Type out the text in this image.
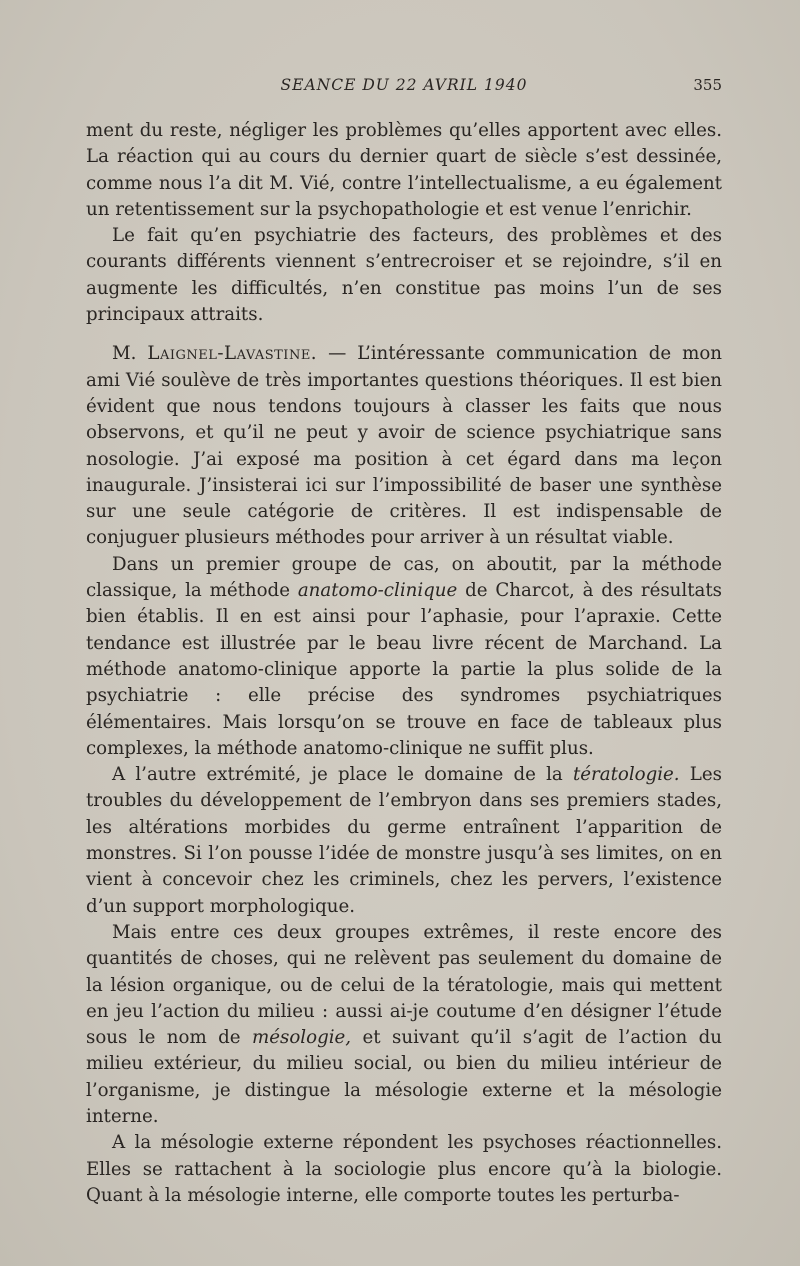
SEANCE DU 22 AVRIL 1940	355

ment du reste, négliger les problèmes qu’elles apportent avec elles. La réaction qui au cours du dernier quart de siècle s’est dessinée, comme nous l’a dit M. Vié, contre l’intellectualisme, a eu également un retentissement sur la psychopathologie et est venue l’enrichir.

Le fait qu’en psychiatrie des facteurs, des problèmes et des courants différents viennent s’entrecroiser et se rejoindre, s’il en augmente les difficultés, n’en constitue pas moins l’un de ses principaux attraits.

M. Laignel-Lavastine. — L’intéressante communication de mon ami Vié soulève de très importantes questions théoriques. Il est bien évident que nous tendons toujours à classer les faits que nous observons, et qu’il ne peut y avoir de science psychiatrique sans nosologie. J’ai exposé ma position à cet égard dans ma leçon inaugurale. J’insisterai ici sur l’impossibilité de baser une synthèse sur une seule catégorie de critères. Il est indispensable de conjuguer plusieurs méthodes pour arriver à un résultat viable.

Dans un premier groupe de cas, on aboutit, par la méthode classique, la méthode anatomo-clinique de Charcot, à des résultats bien établis. Il en est ainsi pour l’aphasie, pour l’apraxie. Cette tendance est illustrée par le beau livre récent de Marchand. La méthode anatomo-clinique apporte la partie la plus solide de la psychiatrie : elle précise des syndromes psychiatriques élémentaires. Mais lorsqu’on se trouve en face de tableaux plus complexes, la méthode anatomo-clinique ne suffit plus.

A l’autre extrémité, je place le domaine de la tératologie. Les troubles du développement de l’embryon dans ses premiers stades, les altérations morbides du germe entraînent l’apparition de monstres. Si l’on pousse l’idée de monstre jusqu’à ses limites, on en vient à concevoir chez les criminels, chez les pervers, l’existence d’un support morphologique.

Mais entre ces deux groupes extrêmes, il reste encore des quantités de choses, qui ne relèvent pas seulement du domaine de la lésion organique, ou de celui de la tératologie, mais qui mettent en jeu l’action du milieu : aussi ai-je coutume d’en désigner l’étude sous le nom de mésologie, et suivant qu’il s’agit de l’action du milieu extérieur, du milieu social, ou bien du milieu intérieur de l’organisme, je distingue la mésologie externe et la mésologie interne.

A la mésologie externe répondent les psychoses réactionnelles. Elles se rattachent à la sociologie plus encore qu’à la biologie. Quant à la mésologie interne, elle comporte toutes les perturba-
